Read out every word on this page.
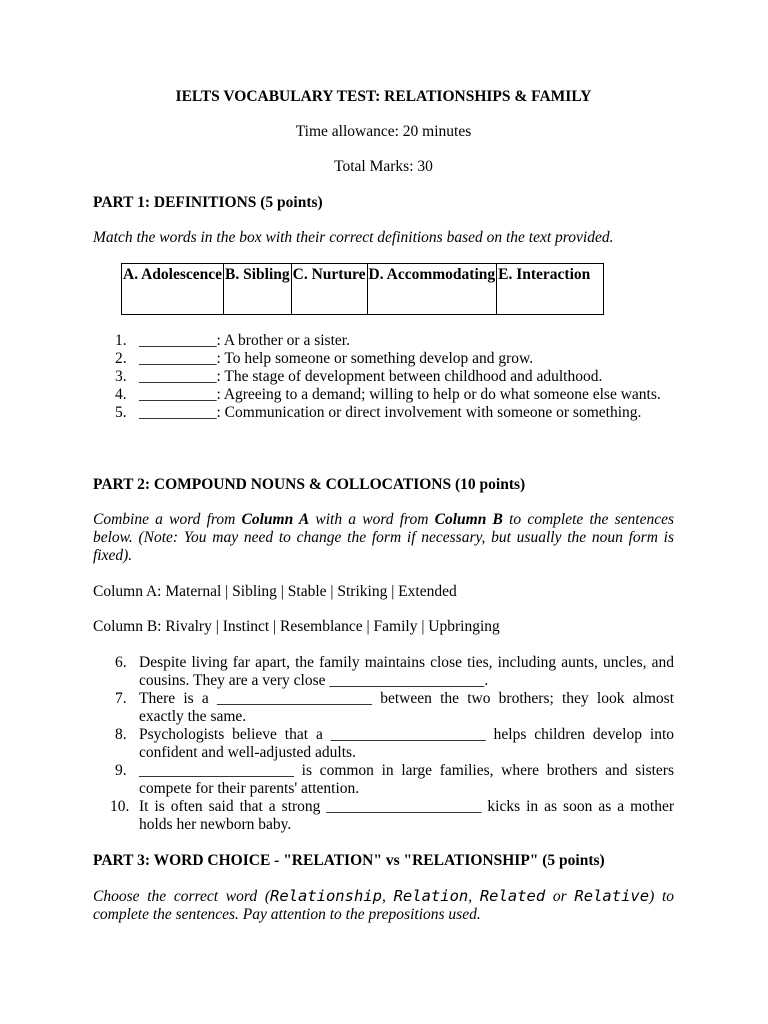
IELTS VOCABULARY TEST: RELATIONSHIPS & FAMILY

Time allowance: 20 minutes

Total Marks: 30

PART 1: DEFINITIONS (5 points)

Match the words in the box with their correct definitions based on the text provided.

A. Adolescence	B. Sibling	C. Nurture	D. Accommodating	E. Interaction
1. __________: A brother or a sister.
2. __________: To help someone or something develop and grow.
3. __________: The stage of development between childhood and adulthood.
4. __________: Agreeing to a demand; willing to help or do what someone else wants.
5. __________: Communication or direct involvement with someone or something.

PART 2: COMPOUND NOUNS & COLLOCATIONS (10 points)

Combine a word from Column A with a word from Column B to complete the sentences below. (Note: You may need to change the form if necessary, but usually the noun form is fixed).

Column A: Maternal | Sibling | Stable | Striking | Extended

Column B: Rivalry | Instinct | Resemblance | Family | Upbringing

6. Despite living far apart, the family maintains close ties, including aunts, uncles, and cousins. They are a very close ____________________.
7. There is a ____________________ between the two brothers; they look almost exactly the same.
8. Psychologists believe that a ____________________ helps children develop into confident and well-adjusted adults.
9. ____________________ is common in large families, where brothers and sisters compete for their parents' attention.
10. It is often said that a strong ____________________ kicks in as soon as a mother holds her newborn baby.

PART 3: WORD CHOICE - "RELATION" vs "RELATIONSHIP" (5 points)

Choose the correct word (Relationship, Relation, Related or Relative) to complete the sentences. Pay attention to the prepositions used.
